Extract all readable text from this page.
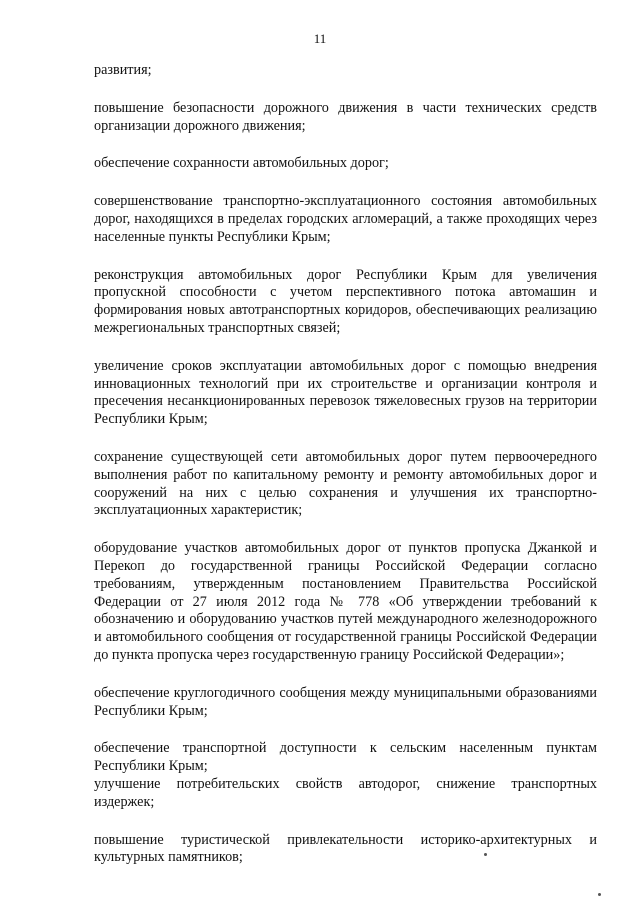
11

развития;

повышение безопасности дорожного движения в части технических средств организации дорожного движения;

обеспечение сохранности автомобильных дорог;

совершенствование транспортно-эксплуатационного состояния автомобильных дорог, находящихся в пределах городских агломераций, а также проходящих через населенные пункты Республики Крым;

реконструкция автомобильных дорог Республики Крым для увеличения пропускной способности с учетом перспективного потока автомашин и формирования новых автотранспортных коридоров, обеспечивающих реализацию межрегиональных транспортных связей;

увеличение сроков эксплуатации автомобильных дорог с помощью внедрения инновационных технологий при их строительстве и организации контроля и пресечения несанкционированных перевозок тяжеловесных грузов на территории Республики Крым;

сохранение существующей сети автомобильных дорог путем первоочередного выполнения работ по капитальному ремонту и ремонту автомобильных дорог и сооружений на них с целью сохранения и улучшения их транспортно-эксплуатационных характеристик;

оборудование участков автомобильных дорог от пунктов пропуска Джанкой и Перекоп до государственной границы Российской Федерации согласно требованиям, утвержденным постановлением Правительства Российской Федерации от 27 июля 2012 года № 778 «Об утверждении требований к обозначению и оборудованию участков путей международного железнодорожного и автомобильного сообщения от государственной границы Российской Федерации до пункта пропуска через государственную границу Российской Федерации»;

обеспечение круглогодичного сообщения между муниципальными образованиями Республики Крым;

обеспечение транспортной доступности к сельским населенным пунктам Республики Крым;

улучшение потребительских свойств автодорог, снижение транспортных издержек;

повышение туристической привлекательности историко-архитектурных и культурных памятников;
